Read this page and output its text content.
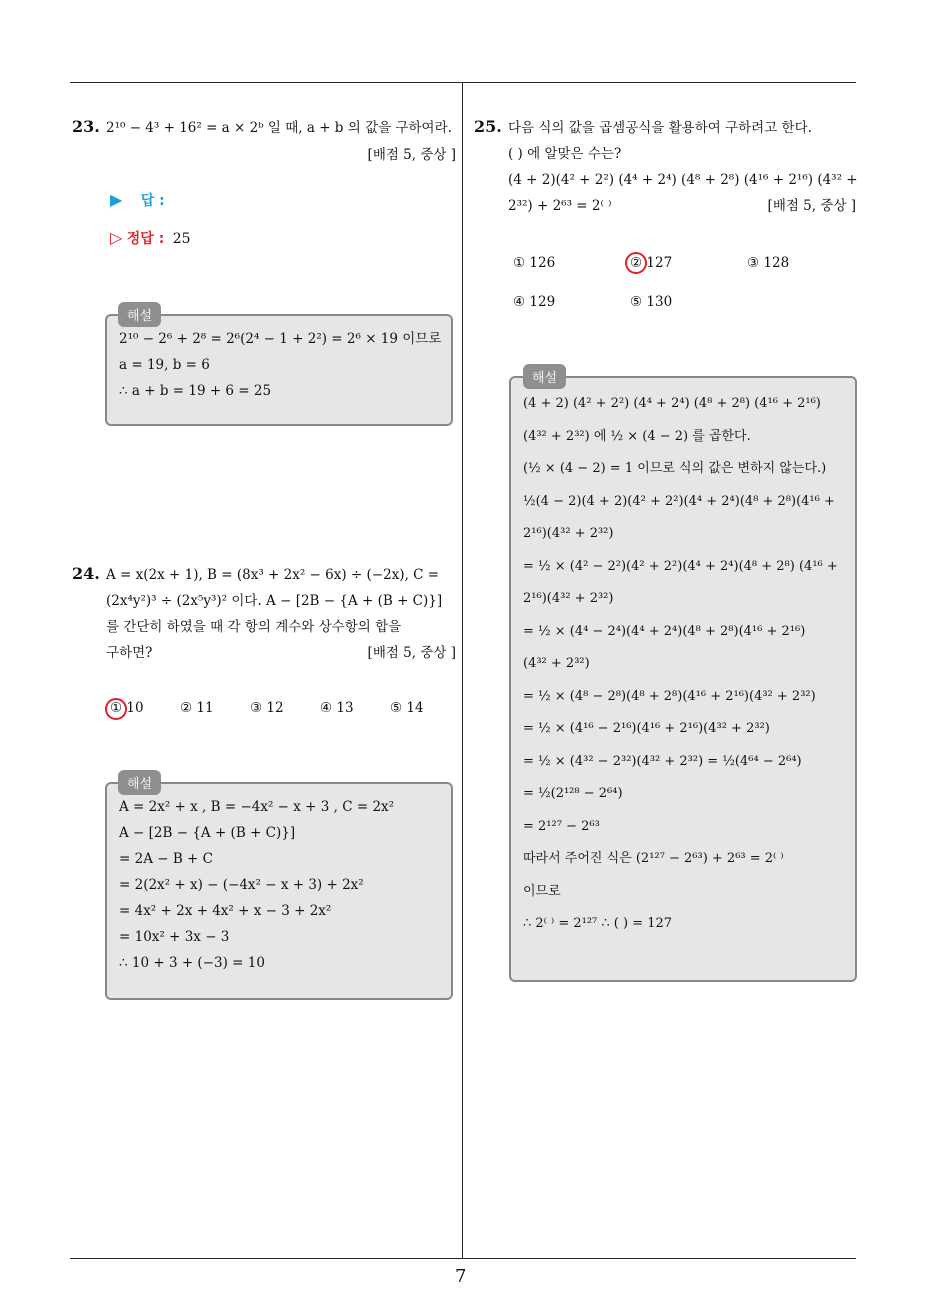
7
23. 2¹⁰ − 4³ + 16² = a × 2ᵇ 일 때, a + b 의 값을 구하여라.
[배점 5, 중상 ]
▶ 답 :
▷ 정답 : 25
2¹⁰ − 2⁶ + 2⁸ = 2⁶(2⁴ − 1 + 2²) = 2⁶ × 19 이므로
a = 19, b = 6
∴ a + b = 19 + 6 = 25
해설
24. A = x(2x + 1), B = (8x³ + 2x² − 6x) ÷ (−2x), C =
(2x⁴y²)³ ÷ (2x⁵y³)² 이다. A − [2B − {A + (B + C)}]
를 간단히 하였을 때 각 항의 계수와 상수항의 합을
구하면?	[배점 5, 중상 ]
① 10	② 11	③ 12	④ 13	⑤ 14
A = 2x² + x , B = −4x² − x + 3 , C = 2x²
A − [2B − {A + (B + C)}]
= 2A − B + C
= 2(2x² + x) − (−4x² − x + 3) + 2x²
= 4x² + 2x + 4x² + x − 3 + 2x²
= 10x² + 3x − 3
∴ 10 + 3 + (−3) = 10
해설
25. 다음 식의 값을 곱셈공식을 활용하여 구하려고 한다.
( ) 에 알맞은 수는?
(4 + 2)(4² + 2²) (4⁴ + 2⁴) (4⁸ + 2⁸) (4¹⁶ + 2¹⁶) (4³² +
2³²) + 2⁶³ = 2⁽ ⁾	[배점 5, 중상 ]
① 126	② 127	③ 128
④ 129	⑤ 130
(4 + 2) (4² + 2²) (4⁴ + 2⁴) (4⁸ + 2⁸) (4¹⁶ + 2¹⁶)
(4³² + 2³²) 에 ½ × (4 − 2) 를 곱한다.
(½ × (4 − 2) = 1 이므로 식의 값은 변하지 않는다.)
½(4 − 2)(4 + 2)(4² + 2²)(4⁴ + 2⁴)(4⁸ + 2⁸)(4¹⁶ +
2¹⁶)(4³² + 2³²)
= ½ × (4² − 2²)(4² + 2²)(4⁴ + 2⁴)(4⁸ + 2⁸) (4¹⁶ +
2¹⁶)(4³² + 2³²)
= ½ × (4⁴ − 2⁴)(4⁴ + 2⁴)(4⁸ + 2⁸)(4¹⁶ + 2¹⁶)
(4³² + 2³²)
= ½ × (4⁸ − 2⁸)(4⁸ + 2⁸)(4¹⁶ + 2¹⁶)(4³² + 2³²)
= ½ × (4¹⁶ − 2¹⁶)(4¹⁶ + 2¹⁶)(4³² + 2³²)
= ½ × (4³² − 2³²)(4³² + 2³²) = ½(4⁶⁴ − 2⁶⁴)
= ½(2¹²⁸ − 2⁶⁴)
= 2¹²⁷ − 2⁶³
따라서 주어진 식은 (2¹²⁷ − 2⁶³) + 2⁶³ = 2⁽ ⁾
이므로
∴ 2⁽ ⁾ = 2¹²⁷ ∴ ( ) = 127
해설
